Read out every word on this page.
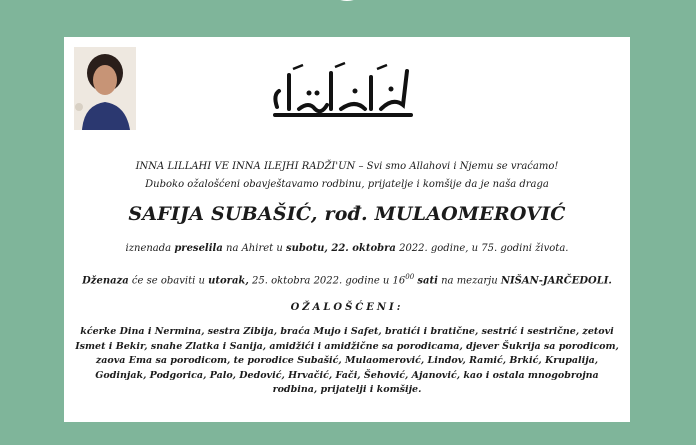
INNA LILLAHI VE INNA ILEJHI RADŽI'UN – Svi smo Allahovi i Njemu se vraćamo!

Duboko ožalošćeni obavještavamo rodbinu, prijatelje i komšije da je naša draga

SAFIJA SUBAŠIĆ, rođ. MULAOMEROVIĆ

iznenada preselila na Ahiret u subotu, 22. oktobra 2022. godine, u 75. godini života.

Dženaza će se obaviti u utorak, 25. oktobra 2022. godine u $16^{00}$ sati na mezarju NIŠAN-JARČEDOLI.

OŽALOŠĆENI:

kćerke Dina i Nermina, sestra Zibija, braća Mujo i Safet, bratići i bratične, sestrić i sestrične, zetovi Ismet i Bekir, snahe Zlatka i Sanija, amidžići i amidžične sa porodicama, djever Šukrija sa porodicom, zaova Ema sa porodicom, te porodice Subašić, Mulaomerović, Lindov, Ramić, Brkić, Krupalija, Godinjak, Podgorica, Palo, Dedović, Hrvačić, Fači, Šehović, Ajanović, kao i ostala mnogobrojna rodbina, prijatelji i komšije.
